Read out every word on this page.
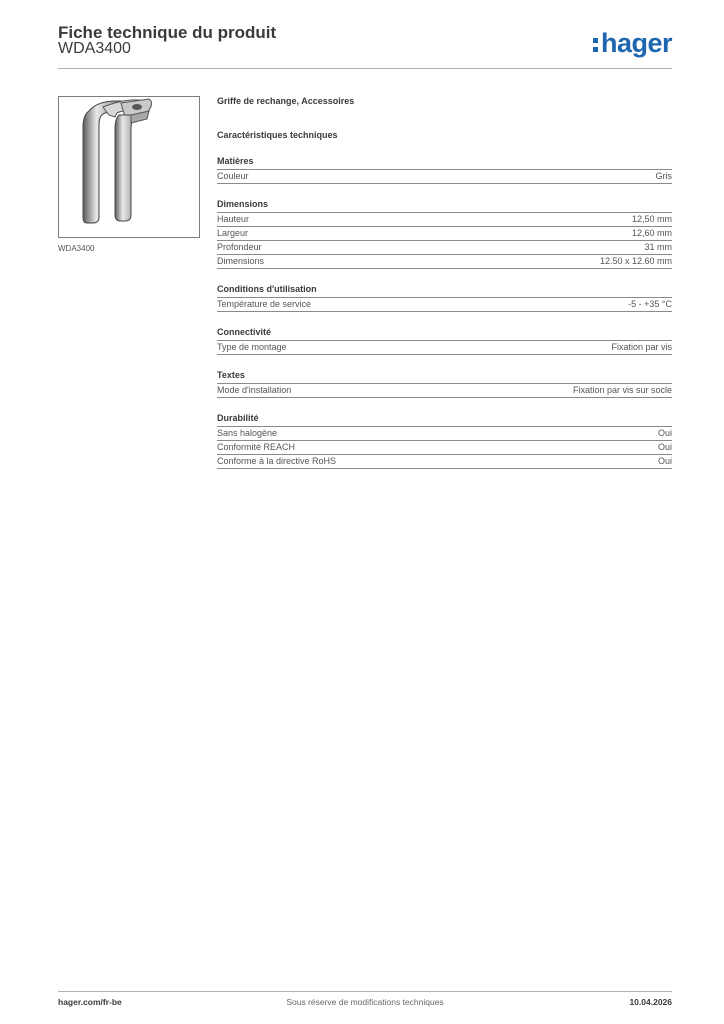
Fiche technique du produit
WDA3400	hager
WDA3400
Griffe de rechange, Accessoires
Caractéristiques techniques
Matières
Couleur	Gris
Dimensions
Hauteur	12,50 mm
Largeur	12,60 mm
Profondeur	31 mm
Dimensions	12.50 x 12.60 mm
Conditions d'utilisation
Température de service	-5 - +35 °C
Connectivité
Type de montage	Fixation par vis
Textes
Mode d'installation	Fixation par vis sur socle
Durabilité
Sans halogène	Oui
Conformité REACH	Oui
Conforme à la directive RoHS	Oui
hager.com/fr-be	Sous réserve de modifications techniques	10.04.2026
